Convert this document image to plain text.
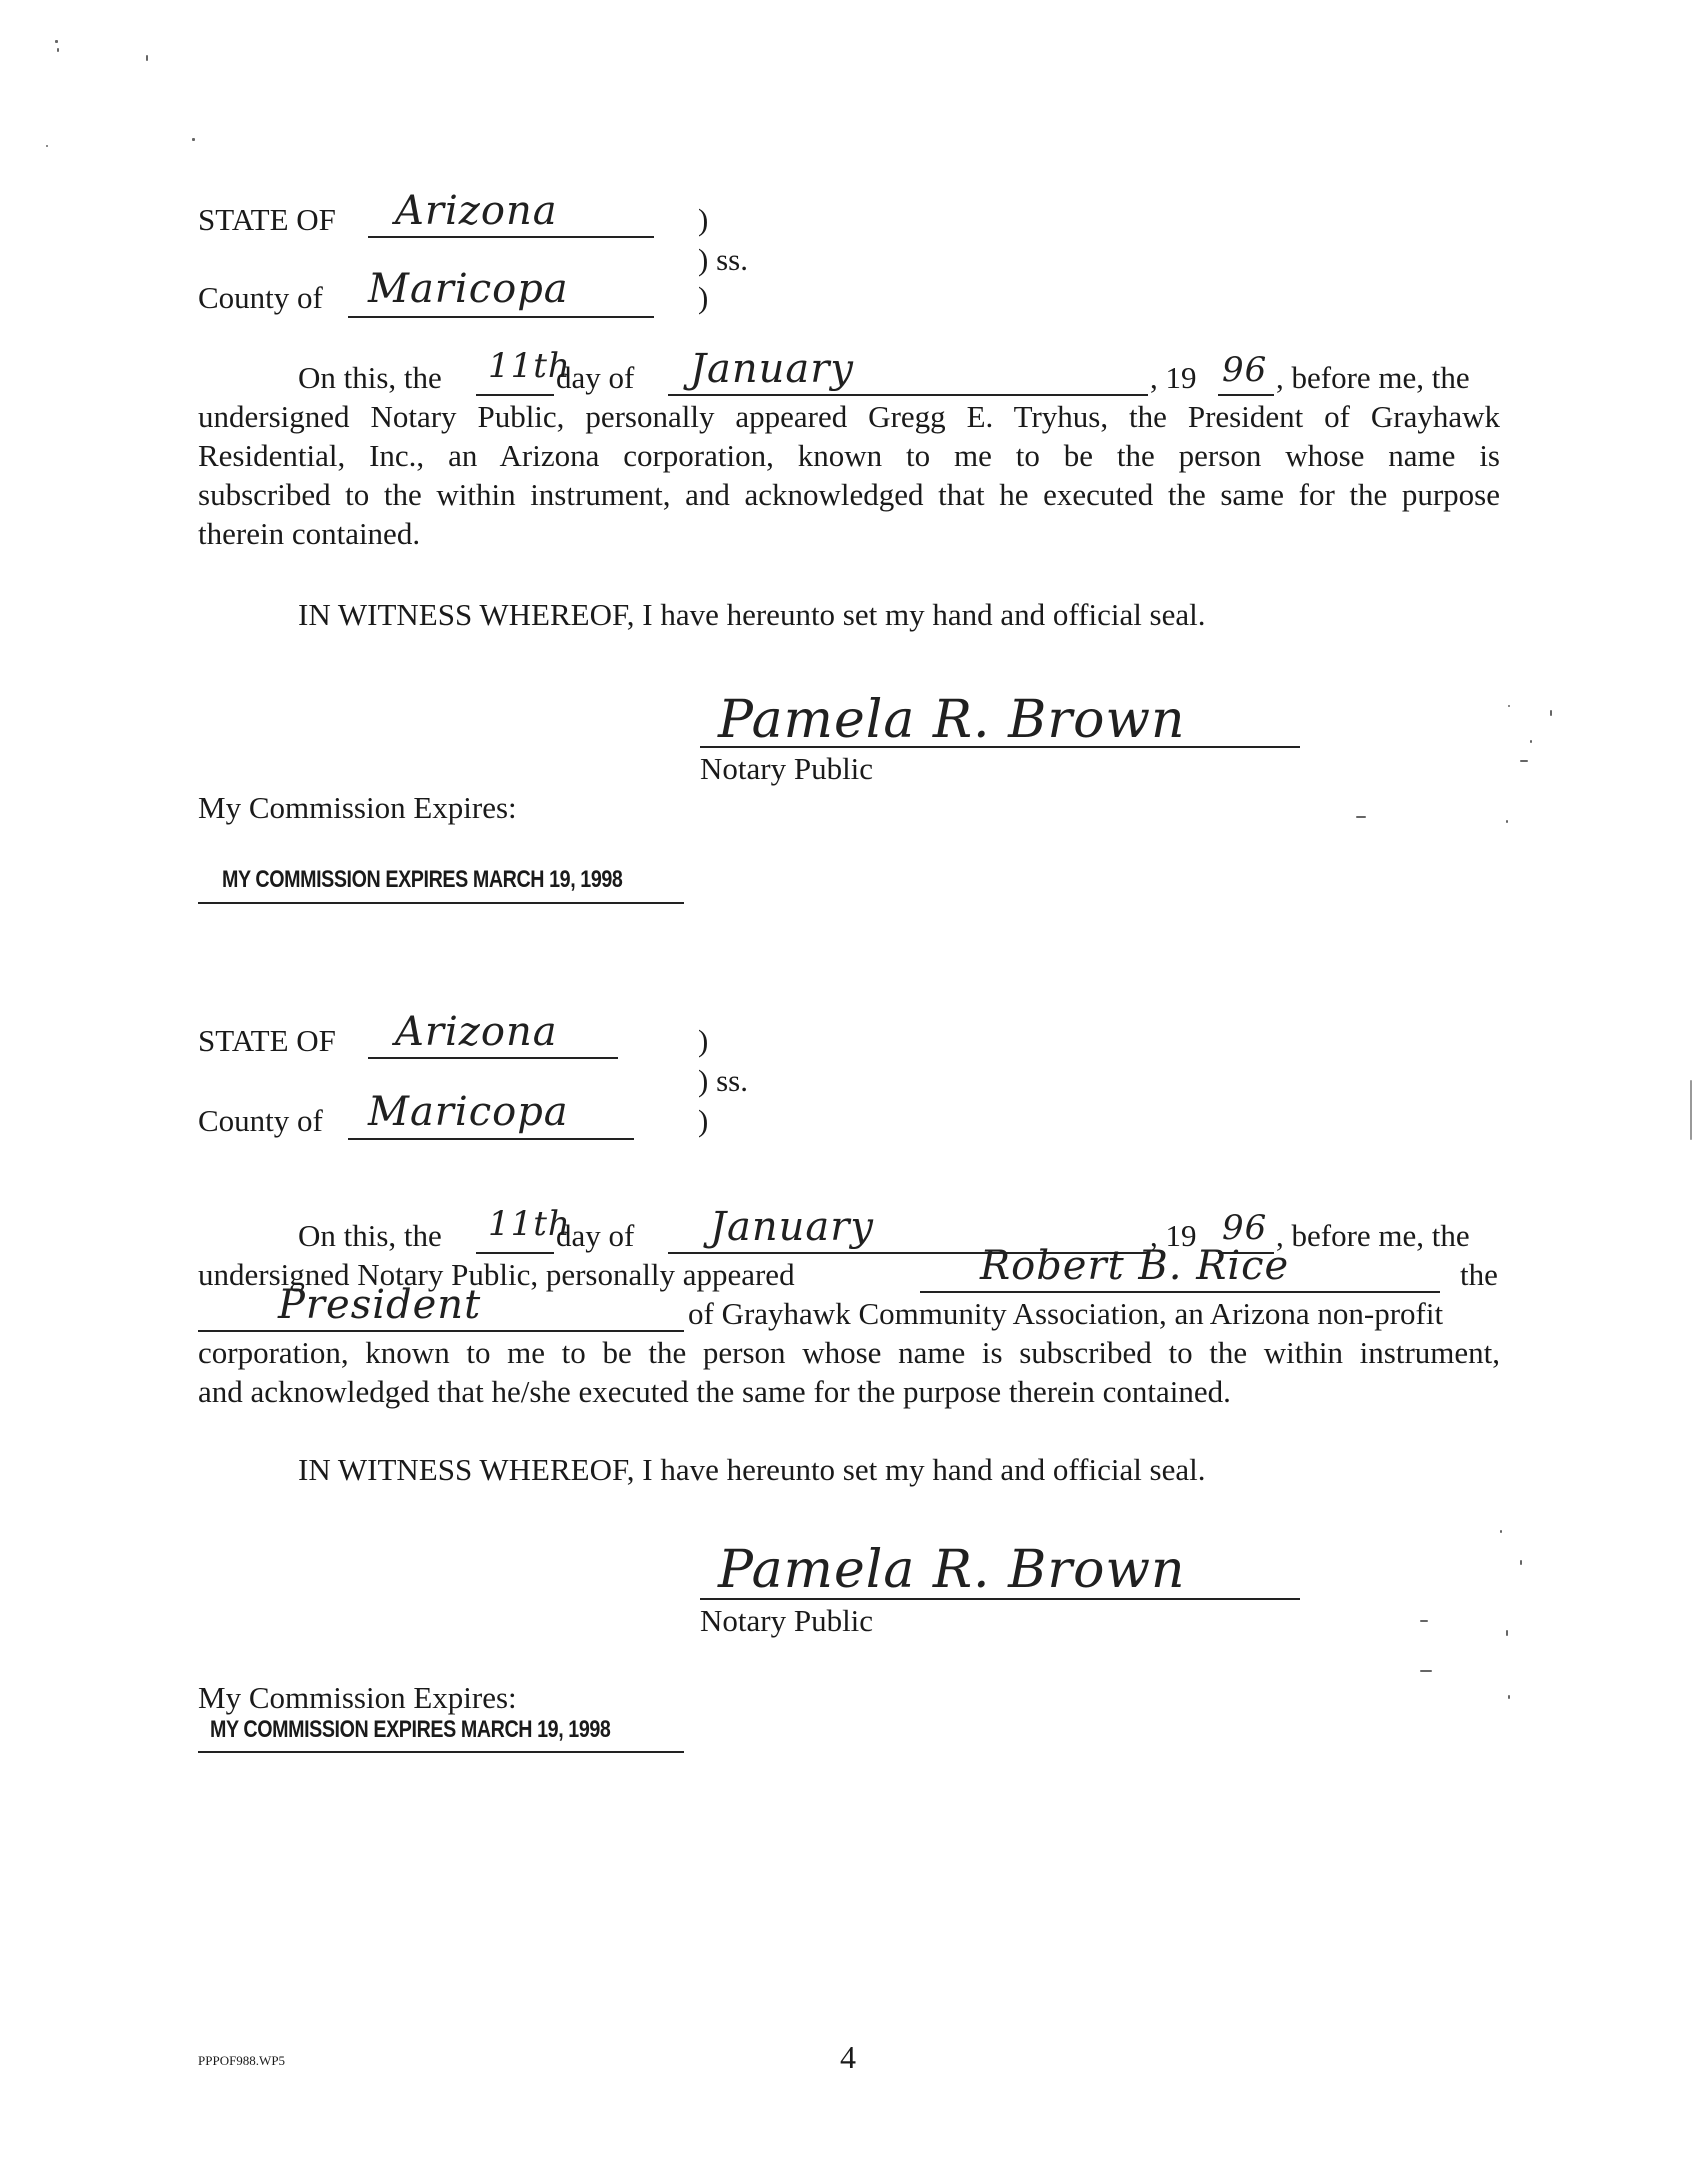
STATE OF Arizona	)
) ss.
County of Maricopa	)
On this, the 11th
day of January	, 19 96 , before me, the
undersigned Notary Public, personally appeared Gregg E. Tryhus, the President of Grayhawk
Residential, Inc., an Arizona corporation, known to me to be the person whose name is
subscribed to the within instrument, and acknowledged that he executed the same for the purpose
therein contained.
IN WITNESS WHEREOF, I have hereunto set my hand and official seal.
Pamela R. Brown
Notary Public
My Commission Expires:
MY COMMISSION EXPIRES MARCH 19, 1998
STATE OF Arizona	)
) ss.
County of Maricopa	)
On this, the 11th
day of January	, 19 96 , before me, the
undersigned Notary Public, personally appeared	Robert B. Rice	the
President	of Grayhawk Community Association, an Arizona non-profit
corporation, known to me to be the person whose name is subscribed to the within instrument,
and acknowledged that he/she executed the same for the purpose therein contained.
IN WITNESS WHEREOF, I have hereunto set my hand and official seal.
Pamela R. Brown
Notary Public
My Commission Expires:
MY COMMISSION EXPIRES MARCH 19, 1998
PPPOF988.WP5	4
